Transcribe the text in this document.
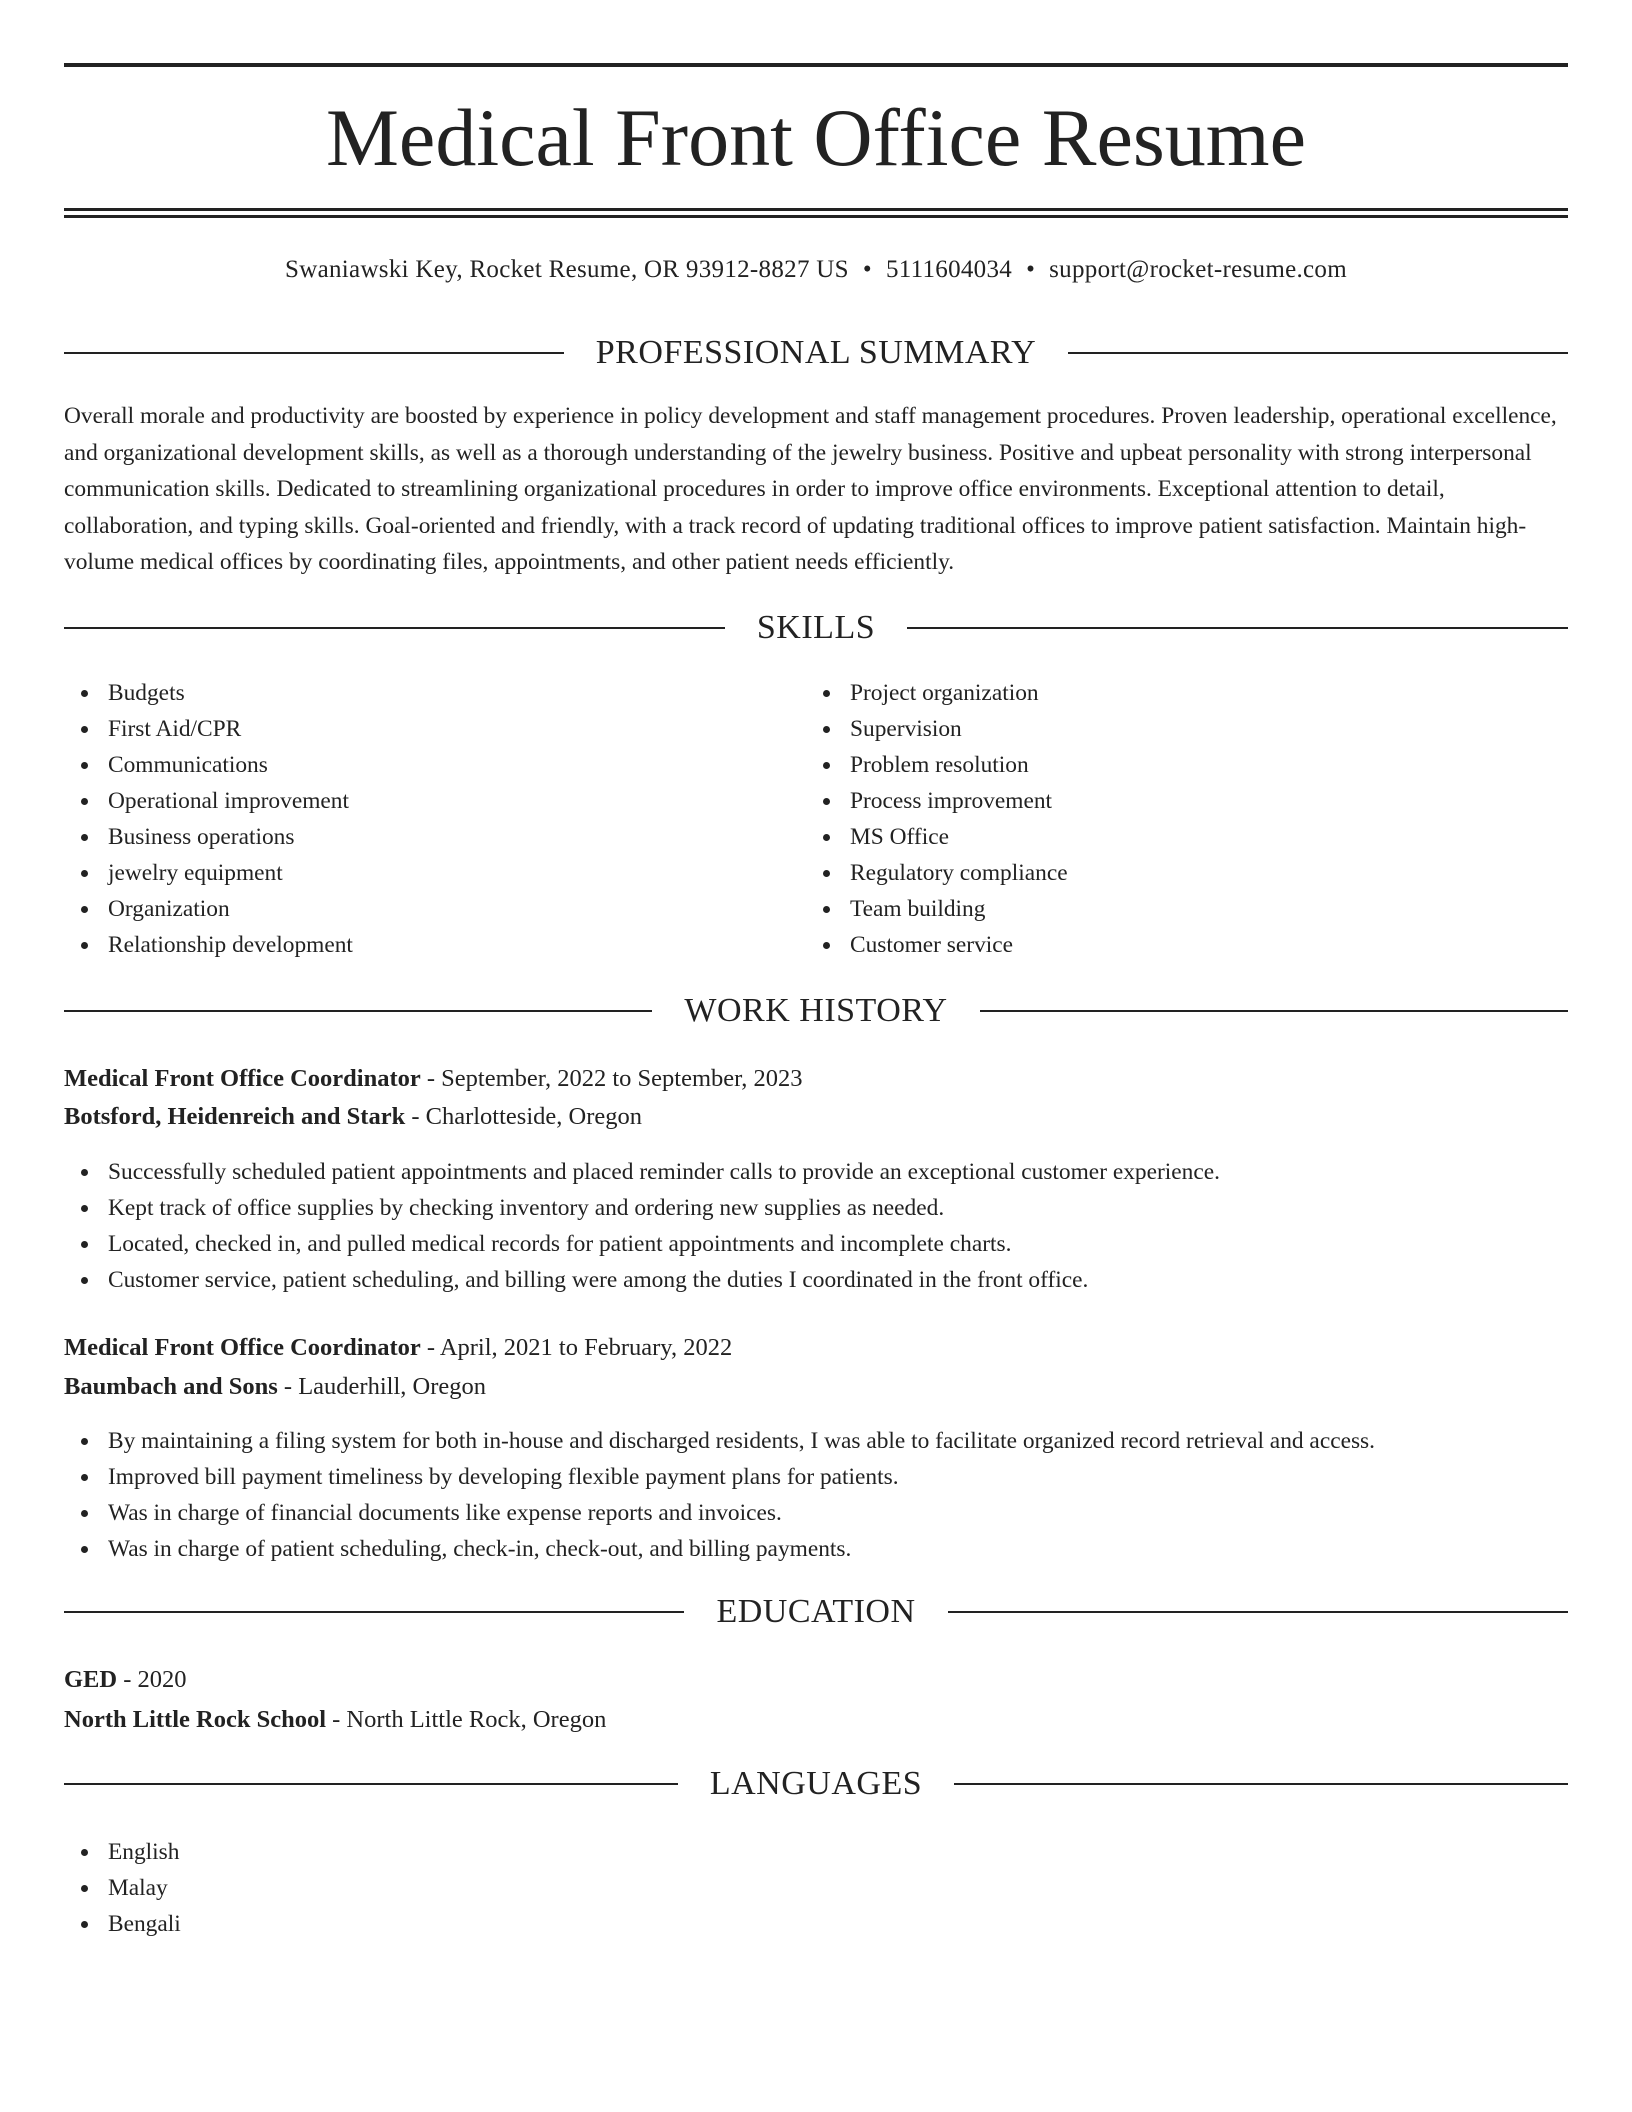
Medical Front Office Resume
Swaniawski Key, Rocket Resume, OR 93912-8827 US • 5111604034 • support@rocket-resume.com
PROFESSIONAL SUMMARY

Overall morale and productivity are boosted by experience in policy development and staff management procedures. Proven leadership, operational excellence, and organizational development skills, as well as a thorough understanding of the jewelry business. Positive and upbeat personality with strong interpersonal communication skills. Dedicated to streamlining organizational procedures in order to improve office environments. Exceptional attention to detail, collaboration, and typing skills. Goal-oriented and friendly, with a track record of updating traditional offices to improve patient satisfaction. Maintain high-volume medical offices by coordinating files, appointments, and other patient needs efficiently.

SKILLS
Budgets
First Aid/CPR
Communications
Operational improvement
Business operations
jewelry equipment
Organization
Relationship development
Project organization
Supervision
Problem resolution
Process improvement
MS Office
Regulatory compliance
Team building
Customer service
WORK HISTORY
Medical Front Office Coordinator - September, 2022 to September, 2023
Botsford, Heidenreich and Stark - Charlotteside, Oregon
Successfully scheduled patient appointments and placed reminder calls to provide an exceptional customer experience.
Kept track of office supplies by checking inventory and ordering new supplies as needed.
Located, checked in, and pulled medical records for patient appointments and incomplete charts.
Customer service, patient scheduling, and billing were among the duties I coordinated in the front office.
Medical Front Office Coordinator - April, 2021 to February, 2022
Baumbach and Sons - Lauderhill, Oregon
By maintaining a filing system for both in-house and discharged residents, I was able to facilitate organized record retrieval and access.
Improved bill payment timeliness by developing flexible payment plans for patients.
Was in charge of financial documents like expense reports and invoices.
Was in charge of patient scheduling, check-in, check-out, and billing payments.
EDUCATION
GED - 2020
North Little Rock School - North Little Rock, Oregon
LANGUAGES
English
Malay
Bengali
